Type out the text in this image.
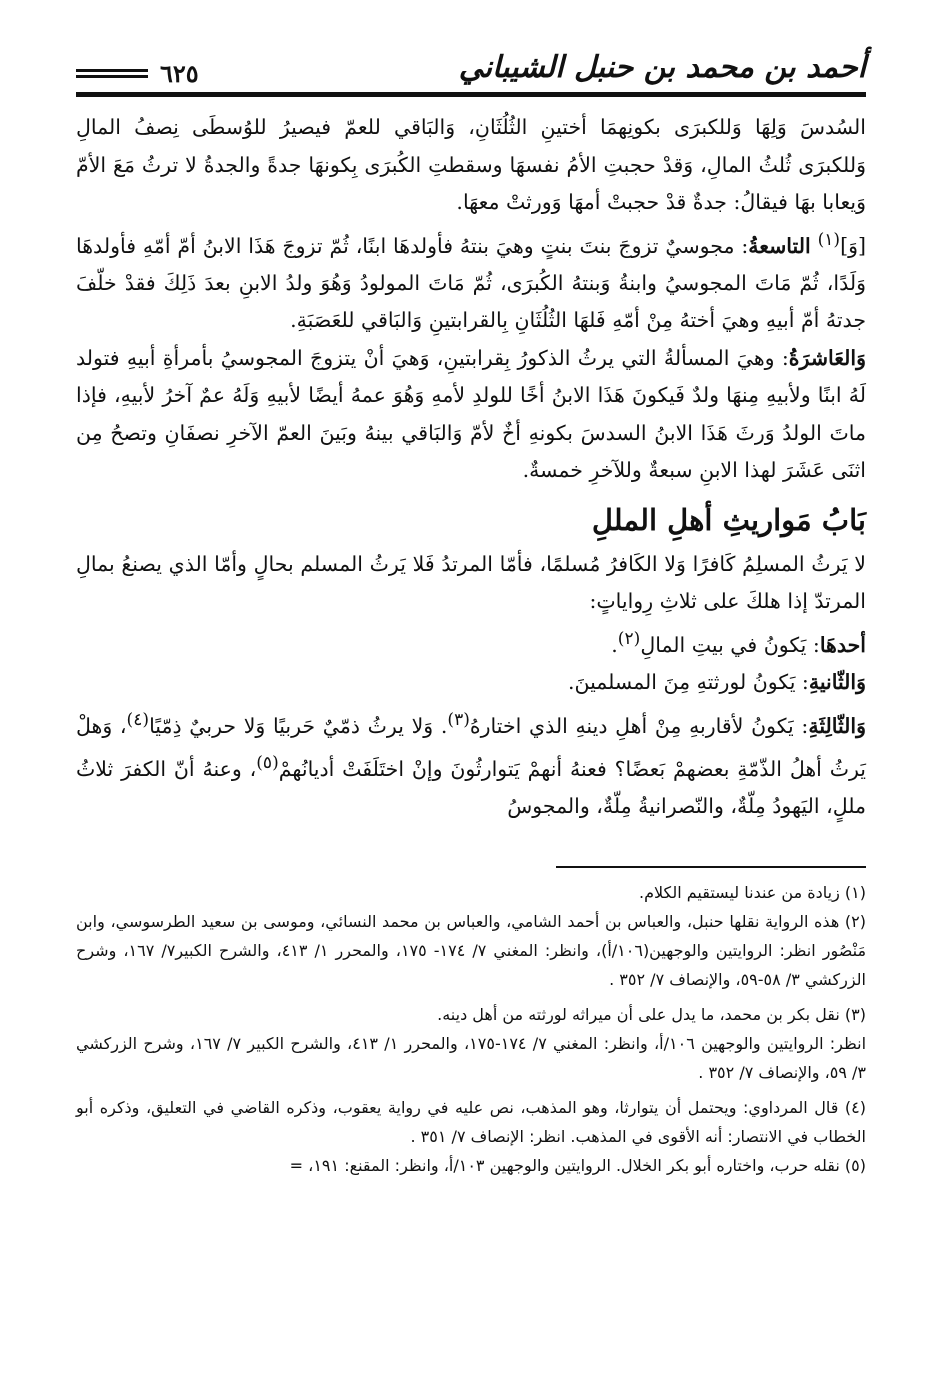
أحمد بن محمد بن حنبل الشيباني
٦٢٥

السُدسَ وَلِهَا وَللكبرَى بكونِهمَا أختينِ الثُلُثَانِ، وَالبَاقي للعمّ فيصيرُ للوُسطَى نِصفُ المالِ وَللكبرَى ثُلثُ المالِ، وَقدْ حجبتِ الأمُ نفسهَا وسقطتِ الكُبرَى بِكونهَا جدةً والجدةُ لا ترثُ مَعَ الأمّ وَيعابا بهَا فيقالُ: جدةٌ قدْ حجبتْ أمهَا وَورثتْ معهَا.

[وَ]$^{(١)}$ التاسعةُ: مجوسيٌ تزوجَ بنتَ بنتٍ وهيَ بنتهُ فأولدهَا ابنًا، ثُمّ تزوجَ هَذَا الابنُ أمّ أمّهِ فأولدهَا وَلَدًا، ثُمّ مَاتَ المجوسيُ وابنةُ وَبنتهُ الكُبرَى، ثُمّ مَاتَ المولودُ وَهُوَ ولدُ الابنِ بعدَ ذَلِكَ فقدْ خلّفَ جدتهُ أمّ أبيهِ وهيَ أختهُ مِنْ أمّهِ فَلهَا الثُلُثَانِ بِالقرابتينِ وَالبَاقي للعَصَبَةِ.

وَالعَاشرَةُ: وهيَ المسألةُ التي يرثُ الذكورُ بِقرابتينِ، وَهيَ أنْ يتزوجَ المجوسيُ بأمرأةِ أبيهِ فتولد لَهُ ابنًا ولأبيهِ مِنهَا ولدٌ فَيكونَ هَذَا الابنُ أخًا للولدِ لأمهِ وَهُوَ عمهُ أيضًا لأبيهِ وَلَهُ عمٌ آخرُ لأبيهِ، فإذا ماتَ الولدُ وَرثَ هَذَا الابنُ السدسَ بكونهِ أخٌ لأمّ وَالبَاقي بينهُ وبَينَ العمّ الآخرِ نصفَانِ وتصحُ مِن اثنَى عَشَرَ لهذا الابنِ سبعةٌ وللآخرِ خمسةٌ.

بَابُ مَواريثِ أهلِ المللِ

لا يَرثُ المسلِمُ كَافرًا وَلا الكَافرُ مُسلمًا، فأمّا المرتدُ فَلا يَرثُ المسلم بحالٍ وأمّا الذي يصنعُ بمالِ المرتدّ إذا هلكَ على ثلاثِ رِواياتٍ:

أحدهَا: يَكونُ في بيتِ المالِ$^{(٢)}$.

وَالثّانيةِ: يَكونُ لورثتهِ مِنَ المسلمينَ.

وَالثّالِثَةِ: يَكونُ لأقاربهِ مِنْ أهلِ دينهِ الذي اختارهُ$^{(٣)}$. وَلا يرثُ ذمّيٌ حَربيًا وَلا حربيٌ ذِمّيًا$^{(٤)}$، وَهلْ يَرثُ أهلُ الذّمّةِ بعضهمْ بَعضًا؟ فعنهُ أنهمْ يَتوارثُونَ وإنْ اختَلَفَتْ أديانُهمْ$^{(٥)}$، وعنهُ أنّ الكفرَ ثلاثُ مللٍ، اليَهودُ مِلّةٌ، والنّصرانيةُ مِلّةٌ، والمجوسُ

(١) زيادة من عندنا ليستقيم الكلام.

(٢) هذه الرواية نقلها حنبل، والعباس بن أحمد الشامي، والعباس بن محمد النسائي، وموسى بن سعيد الطرسوسي، وابن مَنْصُور انظر: الروايتين والوجهين(١٠٦/أ)، وانظر: المغني ٧/ ١٧٤- ١٧٥، والمحرر ١/ ٤١٣، والشرح الكبير٧/ ١٦٧، وشرح الزركشي ٣/ ٥٨-٥٩، والإنصاف ٧/ ٣٥٢ .

(٣) نقل بكر بن محمد، ما يدل على أن ميراثه لورثته من أهل دينه.

انظر: الروايتين والوجهين ١٠٦/أ، وانظر: المغني ٧/ ١٧٤-١٧٥، والمحرر ١/ ٤١٣، والشرح الكبير ٧/ ١٦٧، وشرح الزركشي ٣/ ٥٩، والإنصاف ٧/ ٣٥٢ .

(٤) قال المرداوي: ويحتمل أن يتوارثا، وهو المذهب، نص عليه في رواية يعقوب، وذكره القاضي في التعليق، وذكره أبو الخطاب في الانتصار: أنه الأقوى في المذهب. انظر: الإنصاف ٧/ ٣٥١ .

(٥) نقله حرب، واختاره أبو بكر الخلال. الروايتين والوجهين ١٠٣/أ، وانظر: المقنع: ١٩١، =
